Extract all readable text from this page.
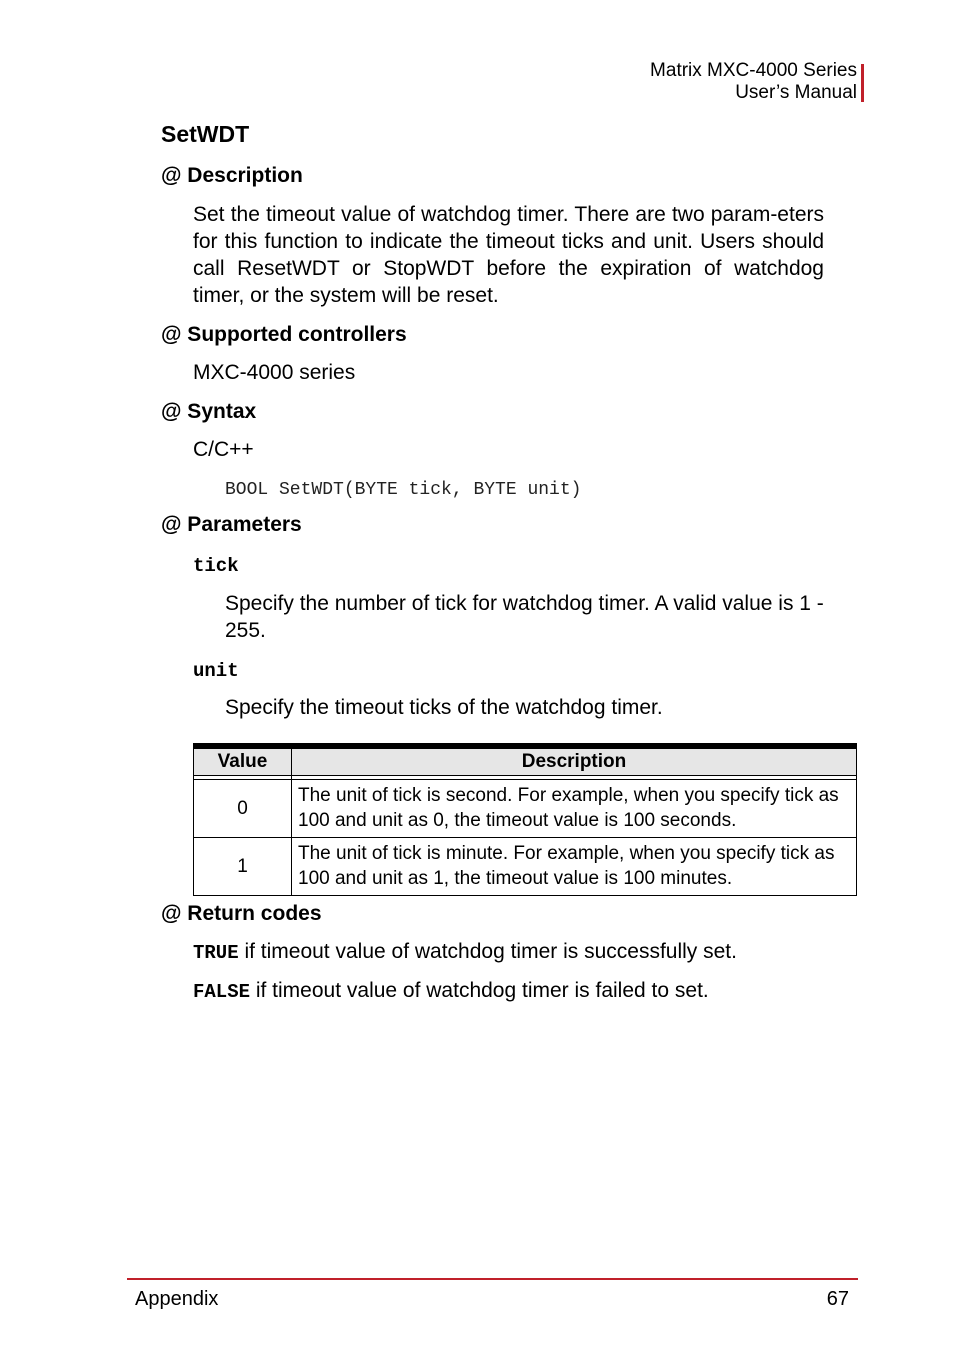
Matrix MXC-4000 Series
User’s Manual
SetWDT
@ Description
Set the timeout value of watchdog timer. There are two param-eters for this function to indicate the timeout ticks and unit. Users should call ResetWDT or StopWDT before the expiration of watchdog timer, or the system will be reset.
@ Supported controllers
MXC-4000 series
@ Syntax
C/C++
BOOL SetWDT(BYTE tick, BYTE unit)
@ Parameters
tick
Specify the number of tick for watchdog timer. A valid value is 1 - 255.
unit
Specify the timeout ticks of the watchdog timer.
Value	Description

0	The unit of tick is second. For example, when you specify tick as 100 and unit as 0, the timeout value is 100 seconds.
1	The unit of tick is minute. For example, when you specify tick as 100 and unit as 1, the timeout value is 100 minutes.
@ Return codes
TRUE if timeout value of watchdog timer is successfully set.
FALSE if timeout value of watchdog timer is failed to set.
Appendix	67
